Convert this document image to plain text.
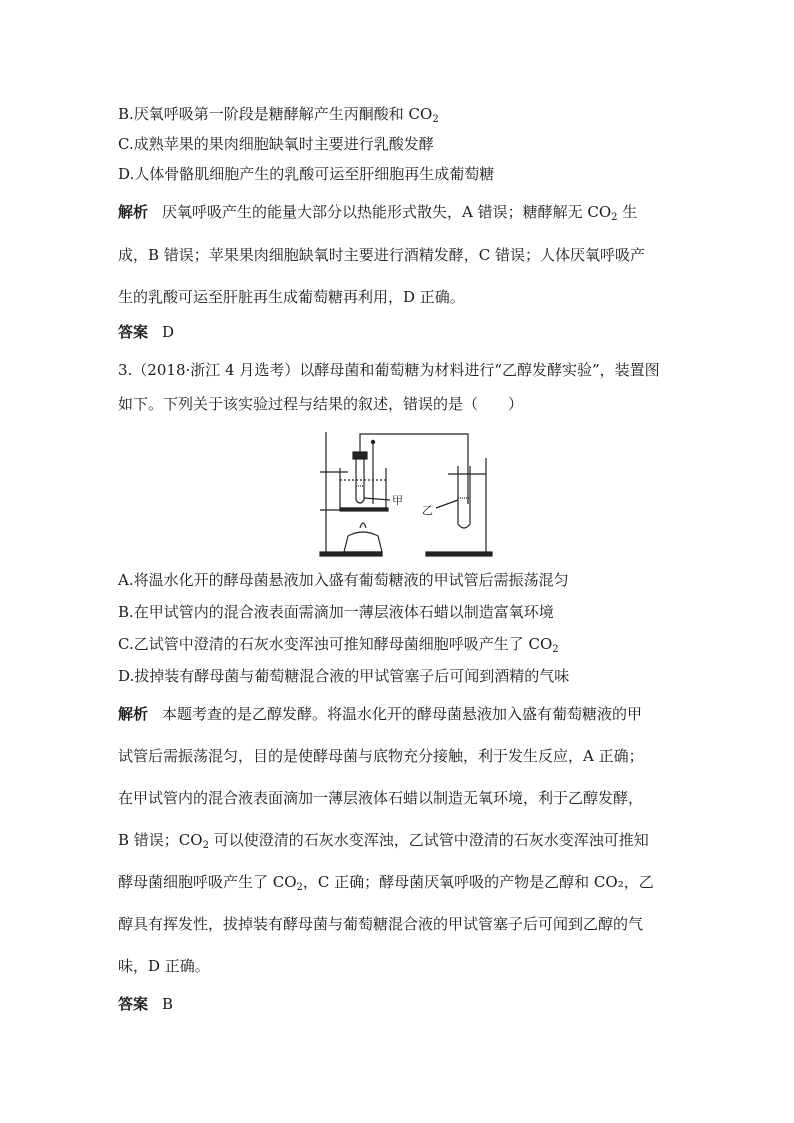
B.厌氧呼吸第一阶段是糖酵解产生丙酮酸和 $CO_2$
C.成熟苹果的果肉细胞缺氧时主要进行乳酸发酵
D.人体骨骼肌细胞产生的乳酸可运至肝细胞再生成葡萄糖
解析 厌氧呼吸产生的能量大部分以热能形式散失，A 错误；糖酵解无 $CO_2$ 生
成，B 错误；苹果果肉细胞缺氧时主要进行酒精发酵，C 错误；人体厌氧呼吸产
生的乳酸可运至肝脏再生成葡萄糖再利用，D 正确。
答案 D
3.（2018·浙江 4 月选考）以酵母菌和葡萄糖为材料进行“乙醇发酵实验”，装置图
如下。下列关于该实验过程与结果的叙述，错误的是（　　）
甲
乙
A.将温水化开的酵母菌悬液加入盛有葡萄糖液的甲试管后需振荡混匀
B.在甲试管内的混合液表面需滴加一薄层液体石蜡以制造富氧环境
C.乙试管中澄清的石灰水变浑浊可推知酵母菌细胞呼吸产生了 $CO_2$
D.拔掉装有酵母菌与葡萄糖混合液的甲试管塞子后可闻到酒精的气味
解析 本题考查的是乙醇发酵。将温水化开的酵母菌悬液加入盛有葡萄糖液的甲
试管后需振荡混匀，目的是使酵母菌与底物充分接触，利于发生反应，A 正确；
在甲试管内的混合液表面滴加一薄层液体石蜡以制造无氧环境，利于乙醇发酵，
B 错误；$CO_2$ 可以使澄清的石灰水变浑浊，乙试管中澄清的石灰水变浑浊可推知
酵母菌细胞呼吸产生了 $CO_2$，C 正确；酵母菌厌氧呼吸的产物是乙醇和 CO₂，乙
醇具有挥发性，拔掉装有酵母菌与葡萄糖混合液的甲试管塞子后可闻到乙醇的气
味，D 正确。
答案 B
